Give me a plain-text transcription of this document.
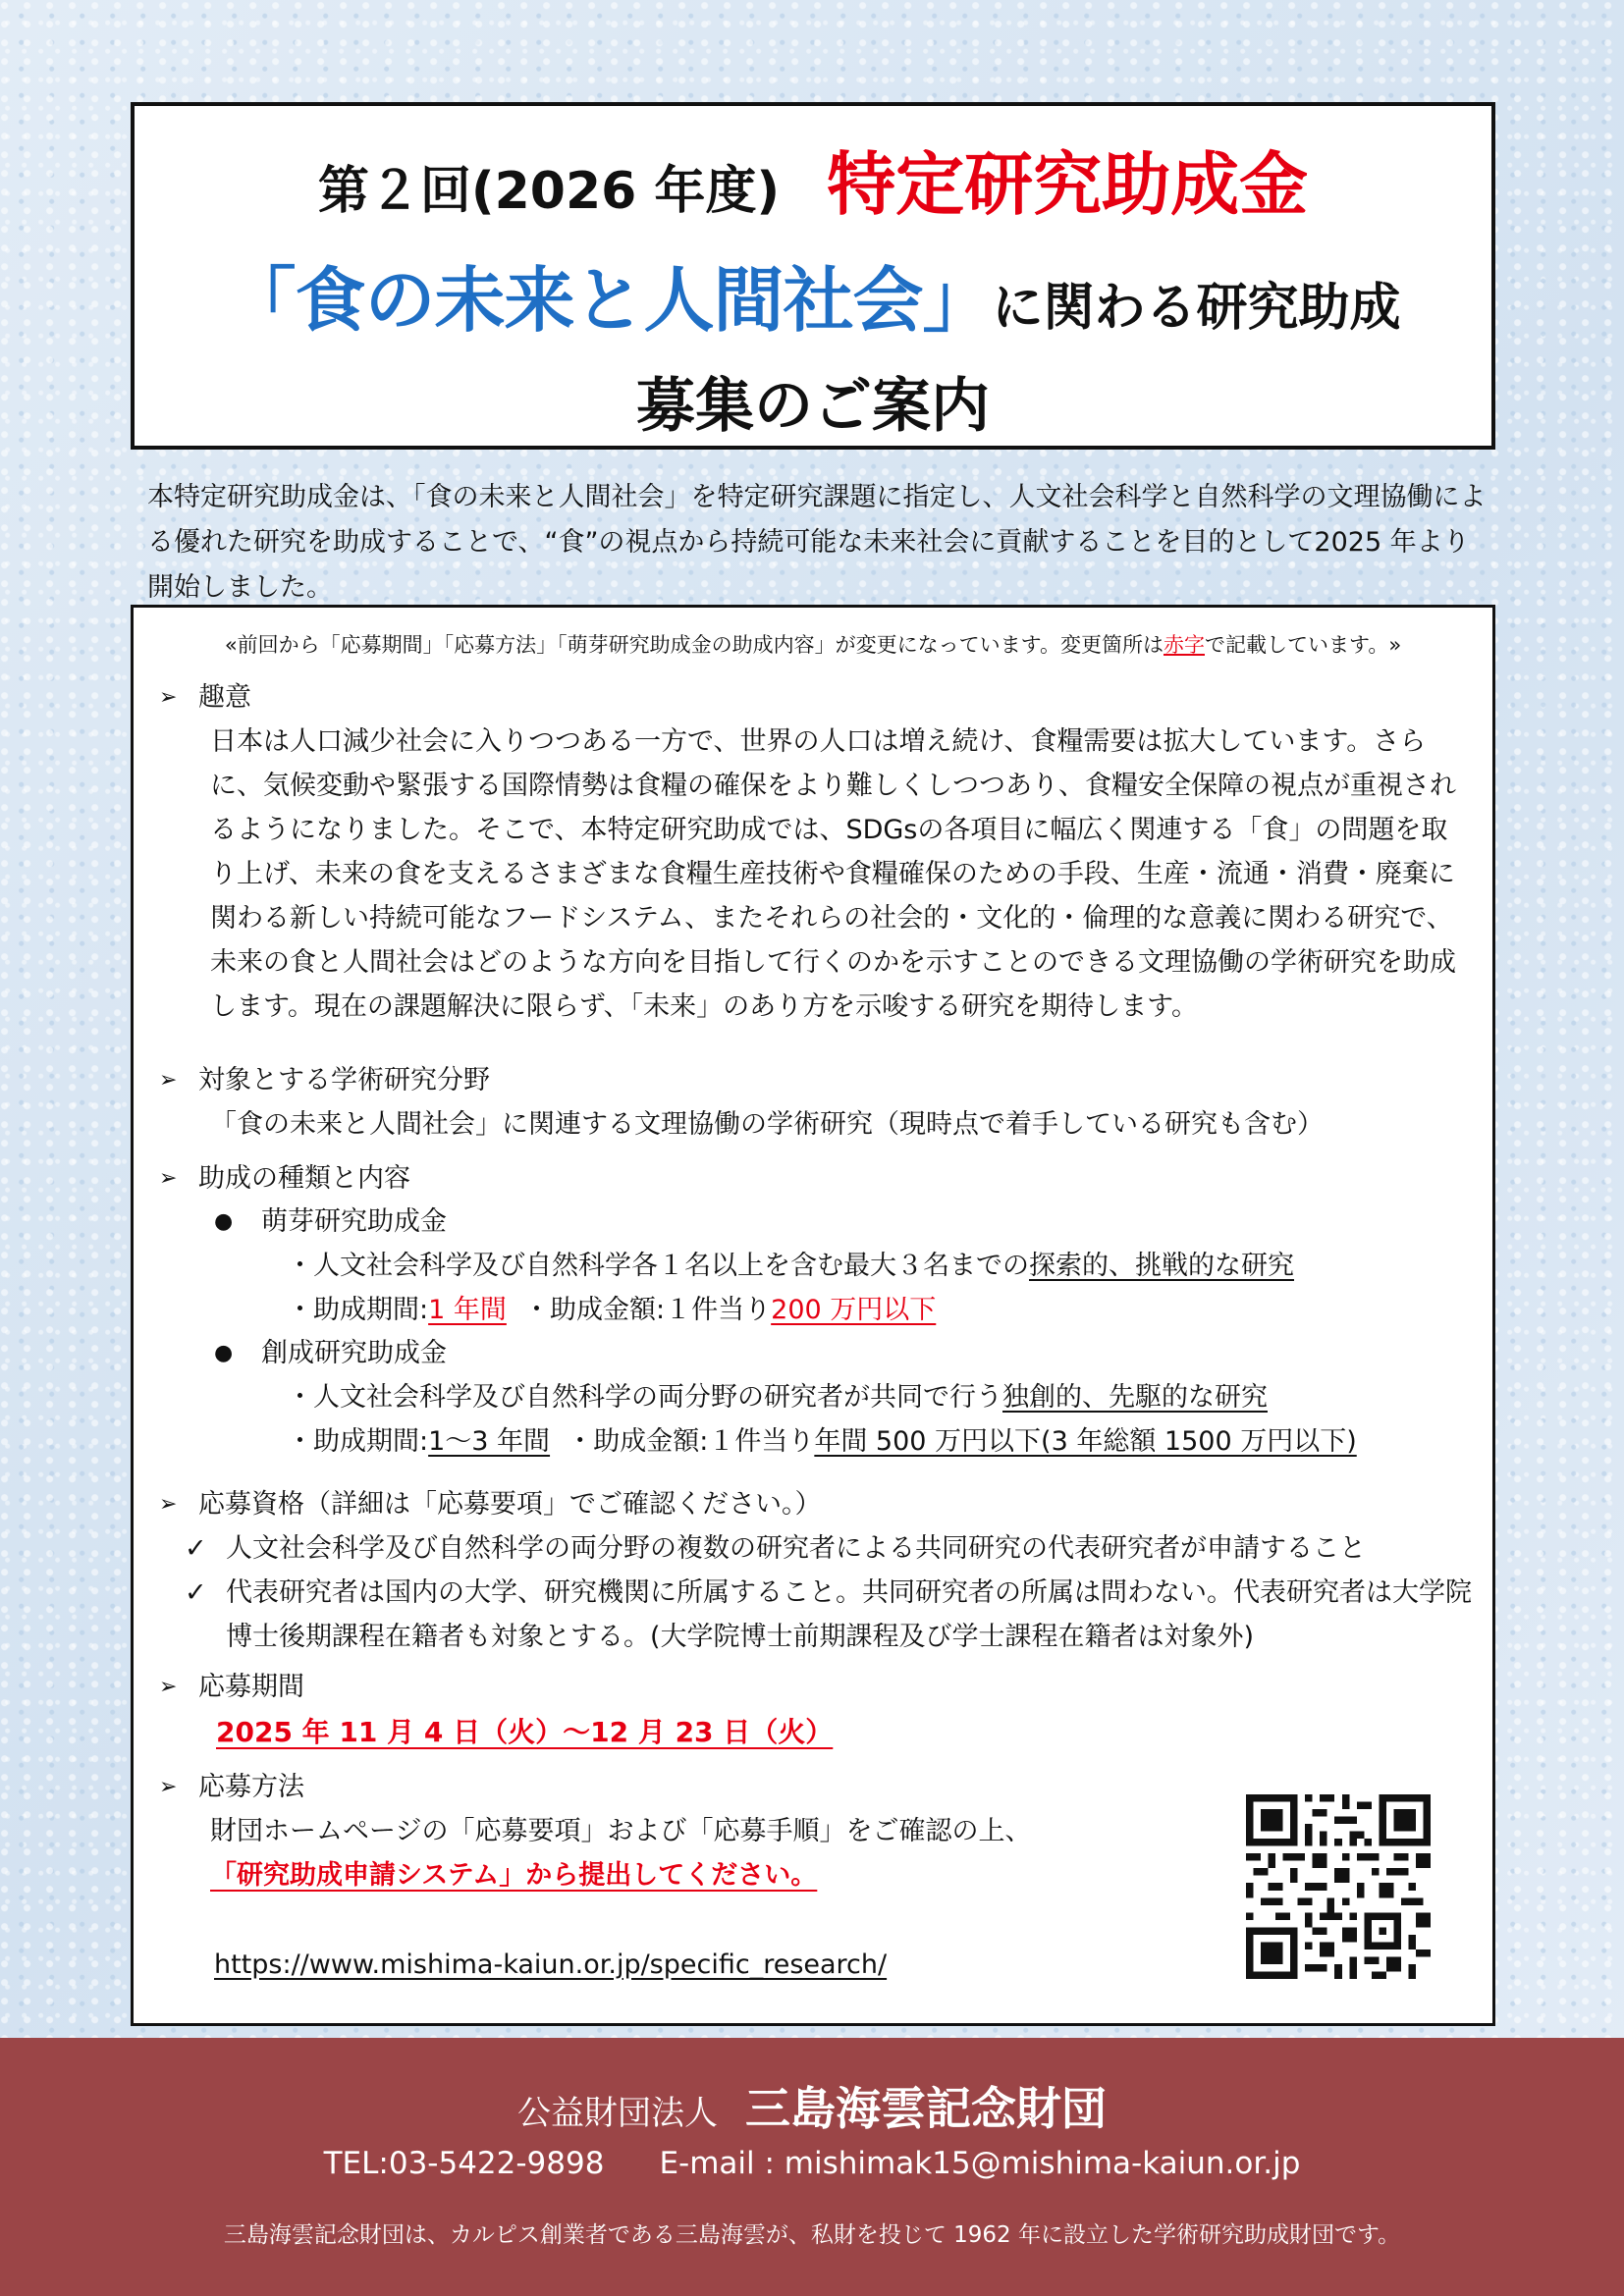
第２回(2026 年度) 特定研究助成金
「食の未来と人間社会」に関わる研究助成
募集のご案内
本特定研究助成金は、「食の未来と人間社会」を特定研究課題に指定し、人文社会科学と自然科学の文理協働による優れた研究を助成することで、“食”の視点から持続可能な未来社会に貢献することを目的として2025 年より開始しました。
«前回から「応募期間」「応募方法」「萌芽研究助成金の助成内容」が変更になっています。変更箇所は赤字で記載しています。»
➢ 趣意
日本は人口減少社会に入りつつある一方で、世界の人口は増え続け、食糧需要は拡大しています。さらに、気候変動や緊張する国際情勢は食糧の確保をより難しくしつつあり、食糧安全保障の視点が重視されるようになりました。そこで、本特定研究助成では、SDGsの各項目に幅広く関連する「食」の問題を取り上げ、未来の食を支えるさまざまな食糧生産技術や食糧確保のための手段、生産・流通・消費・廃棄に関わる新しい持続可能なフードシステム、またそれらの社会的・文化的・倫理的な意義に関わる研究で、未来の食と人間社会はどのような方向を目指して行くのかを示すことのできる文理協働の学術研究を助成します。現在の課題解決に限らず、「未来」のあり方を示唆する研究を期待します。
➢ 対象とする学術研究分野
「食の未来と人間社会」に関連する文理協働の学術研究（現時点で着手している研究も含む）
➢ 助成の種類と内容
●	萌芽研究助成金
・人文社会科学及び自然科学各１名以上を含む最大３名までの探索的、挑戦的な研究
・助成期間:1 年間 ・助成金額:１件当り200 万円以下
●	創成研究助成金
・人文社会科学及び自然科学の両分野の研究者が共同で行う独創的、先駆的な研究
・助成期間:1～3 年間 ・助成金額:１件当り年間 500 万円以下(3 年総額 1500 万円以下)
➢ 応募資格（詳細は「応募要項」でご確認ください。）
✓ 人文社会科学及び自然科学の両分野の複数の研究者による共同研究の代表研究者が申請すること
✓ 代表研究者は国内の大学、研究機関に所属すること。共同研究者の所属は問わない。代表研究者は大学院博士後期課程在籍者も対象とする。(大学院博士前期課程及び学士課程在籍者は対象外)
➢ 応募期間
2025 年 11 月 4 日（火）～12 月 23 日（火）
➢ 応募方法
財団ホームページの「応募要項」および「応募手順」をご確認の上、
「研究助成申請システム」から提出してください。
https://www.mishima-kaiun.or.jp/specific_research/
公益財団法人 三島海雲記念財団
TEL:03-5422-9898 E-mail : mishimak15@mishima-kaiun.or.jp
三島海雲記念財団は、カルピス創業者である三島海雲が、私財を投じて 1962 年に設立した学術研究助成財団です。
